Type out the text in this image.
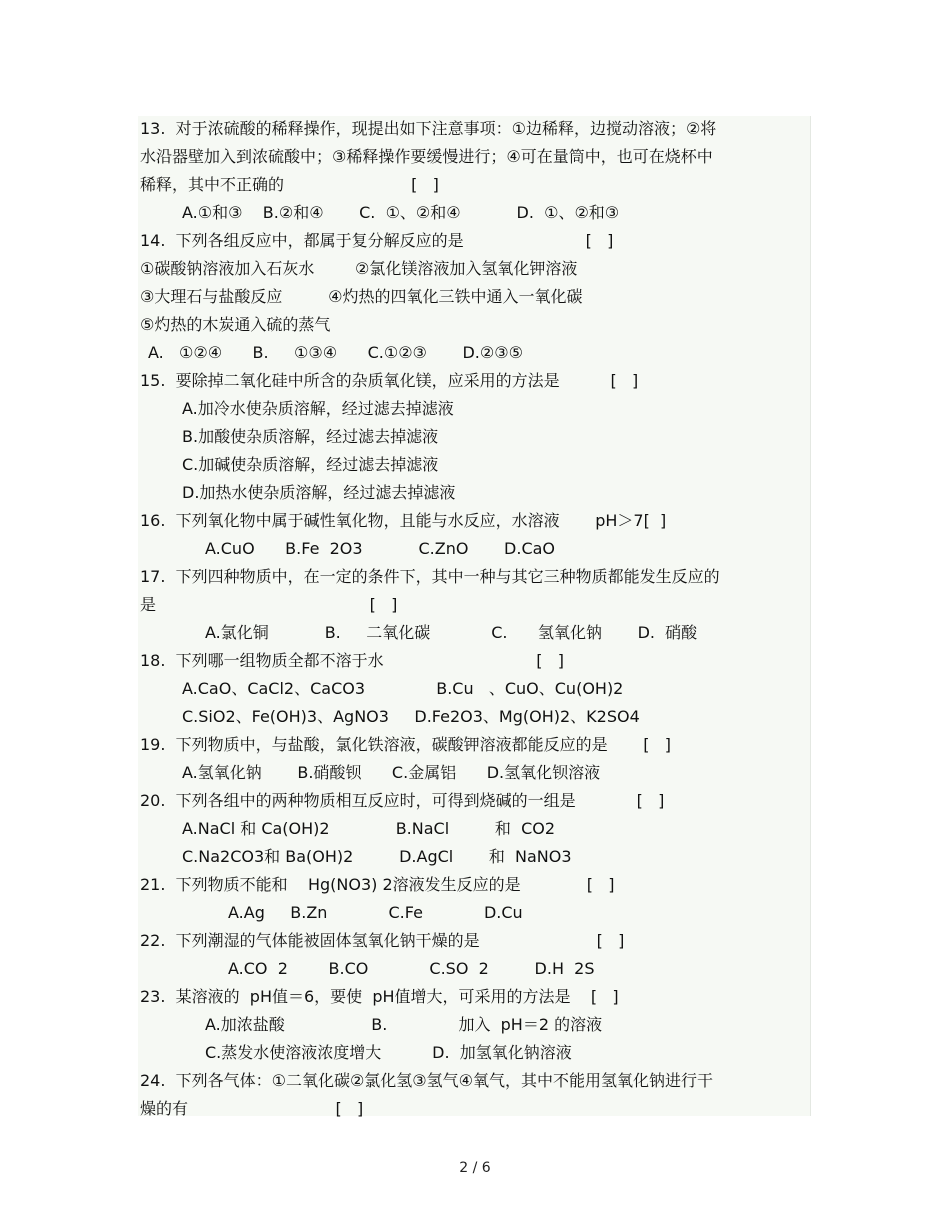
13.  对于浓硫酸的稀释操作，现提出如下注意事项：①边稀释，边搅动溶液；②将
水沿器壁加入到浓硫酸中；③稀释操作要缓慢进行；④可在量筒中，也可在烧杯中
稀释，其中不正确的                         [   ]
A.①和③    B.②和④       C.  ①、②和④           D.  ①、②和③
14.  下列各组反应中，都属于复分解反应的是                        [   ]
①碳酸钠溶液加入石灰水        ②氯化镁溶液加入氢氧化钾溶液
③大理石与盐酸反应         ④灼热的四氧化三铁中通入一氧化碳
⑤灼热的木炭通入硫的蒸气
A.   ①②④      B.     ①③④      C.①②③       D.②③⑤
15.  要除掉二氧化硅中所含的杂质氧化镁，应采用的方法是          [   ]
A.加冷水使杂质溶解，经过滤去掉滤液
B.加酸使杂质溶解，经过滤去掉滤液
C.加碱使杂质溶解，经过滤去掉滤液
D.加热水使杂质溶解，经过滤去掉滤液
16.  下列氧化物中属于碱性氧化物，且能与水反应，水溶液       pH＞7[  ]
A.CuO      B.Fe  2O3           C.ZnO       D.CaO
17.  下列四种物质中，在一定的条件下，其中一种与其它三种物质都能发生反应的
是                                          [   ]
A.氯化铜           B.     二氧化碳            C.      氢氧化钠       D.  硝酸
18.  下列哪一组物质全都不溶于水                              [   ]
A.CaO、CaCl2、CaCO3              B.Cu   、CuO、Cu(OH)2
C.SiO2、Fe(OH)3、AgNO3     D.Fe2O3、Mg(OH)2、K2SO4
19.  下列物质中，与盐酸，氯化铁溶液，碳酸钾溶液都能反应的是       [   ]
A.氢氧化钠       B.硝酸钡      C.金属铝      D.氢氧化钡溶液
20.  下列各组中的两种物质相互反应时，可得到烧碱的一组是            [   ]
A.NaCl 和 Ca(OH)2             B.NaCl         和  CO2
C.Na2CO3和 Ba(OH)2         D.AgCl       和  NaNO3
21.  下列物质不能和    Hg(NO3) 2溶液发生反应的是             [   ]
A.Ag     B.Zn            C.Fe            D.Cu
22.  下列潮湿的气体能被固体氢氧化钠干燥的是                       [   ]
A.CO  2        B.CO            C.SO  2         D.H  2S
23.  某溶液的  pH值＝6，要使  pH值增大，可采用的方法是    [   ]
A.加浓盐酸                 B.              加入  pH＝2 的溶液
C.蒸发水使溶液浓度增大          D.  加氢氧化钠溶液
24.  下列各气体：①二氧化碳②氯化氢③氢气④氧气，其中不能用氢氧化钠进行干
燥的有                             [   ]
2 / 6
